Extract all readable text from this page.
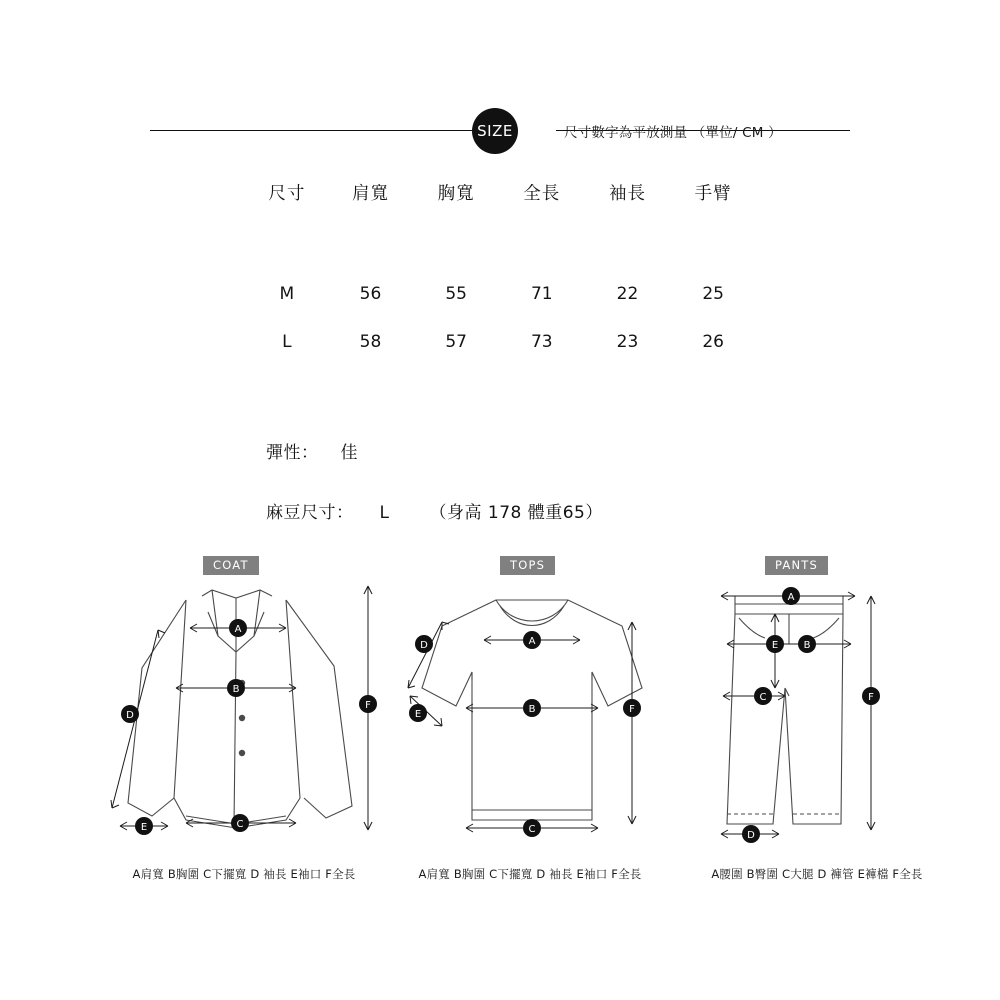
SIZE	尺寸數字為平放測量 （單位/ CM ）
尺寸	肩寬	胸寬	全長	袖長	手臂

M	56	55	71	22	25
L	58	57	73	23	26
彈性： 佳
麻豆尺寸： L （身高 178 體重65）
COAT
A
B
C
D
E
F
A肩寬 B胸圍 C下擺寬 D 袖長 E袖口 F全長
TOPS
A
B
C
D
E	F
A肩寬 B胸圍 C下擺寬 D 袖長 E袖口 F全長
PANTS
A
B
C
D
E
F
A腰圍 B臀圍 C大腿 D 褲管 E褲檔 F全長
